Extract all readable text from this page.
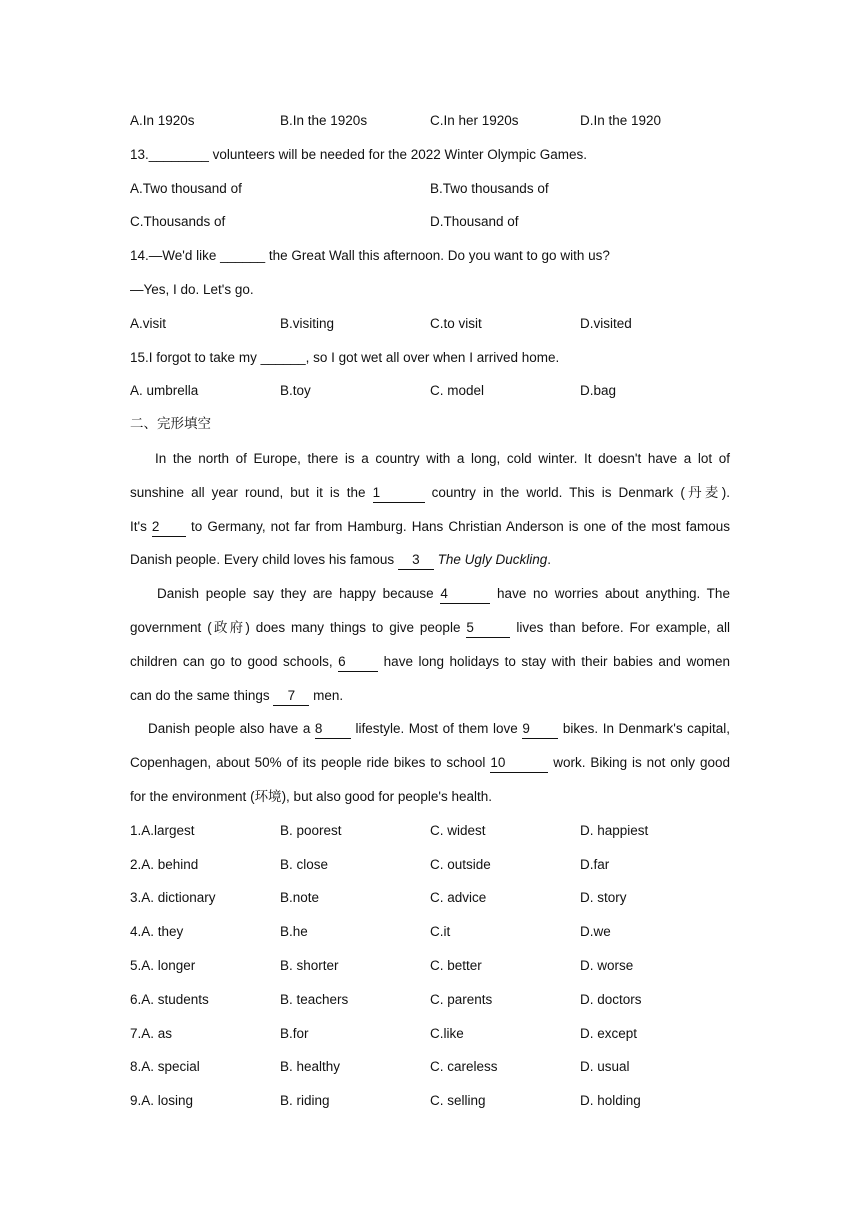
A.In 1920s	B.In the 1920s	C.In her 1920s	D.In the 1920
13.________ volunteers will be needed for the 2022 Winter Olympic Games.
A.Two thousand of	B.Two thousands of
C.Thousands of	D.Thousand of
14.—We'd like ______ the Great Wall this afternoon. Do you want to go with us?
—Yes, I do. Let's go.
A.visit	B.visiting	C.to visit	D.visited
15.I forgot to take my ______, so I got wet all over when I arrived home.
A. umbrella	B.toy	C. model	D.bag
二、完形填空
In the north of Europe, there is a country with a long, cold winter. It doesn't have a lot of
sunshine all year round, but it is the 1	country in the world. This is Denmark (丹麦).
It's 2 to Germany, not far from Hamburg. Hans Christian Anderson is one of the most famous
Danish people. Every child loves his famous 3 The Ugly Duckling.
Danish people say they are happy because 4	have no worries about anything. The
government (政府) does many things to give people 5	lives than before. For example, all
children can go to good schools, 6	have long holidays to stay with their babies and women
can do the same things 7 men.
Danish people also have a 8 lifestyle. Most of them love 9 bikes. In Denmark's capital,
Copenhagen, about 50% of its people ride bikes to school 10	work. Biking is not only good
for the environment (环境), but also good for people's health.
1.A.largest	B. poorest	C. widest	D. happiest
2.A. behind	B. close	C. outside	D.far
3.A. dictionary	B.note	C. advice	D. story
4.A. they	B.he	C.it	D.we
5.A. longer	B. shorter	C. better	D. worse
6.A. students	B. teachers	C. parents	D. doctors
7.A. as	B.for	C.like	D. except
8.A. special	B. healthy	C. careless	D. usual
9.A. losing	B. riding	C. selling	D. holding
